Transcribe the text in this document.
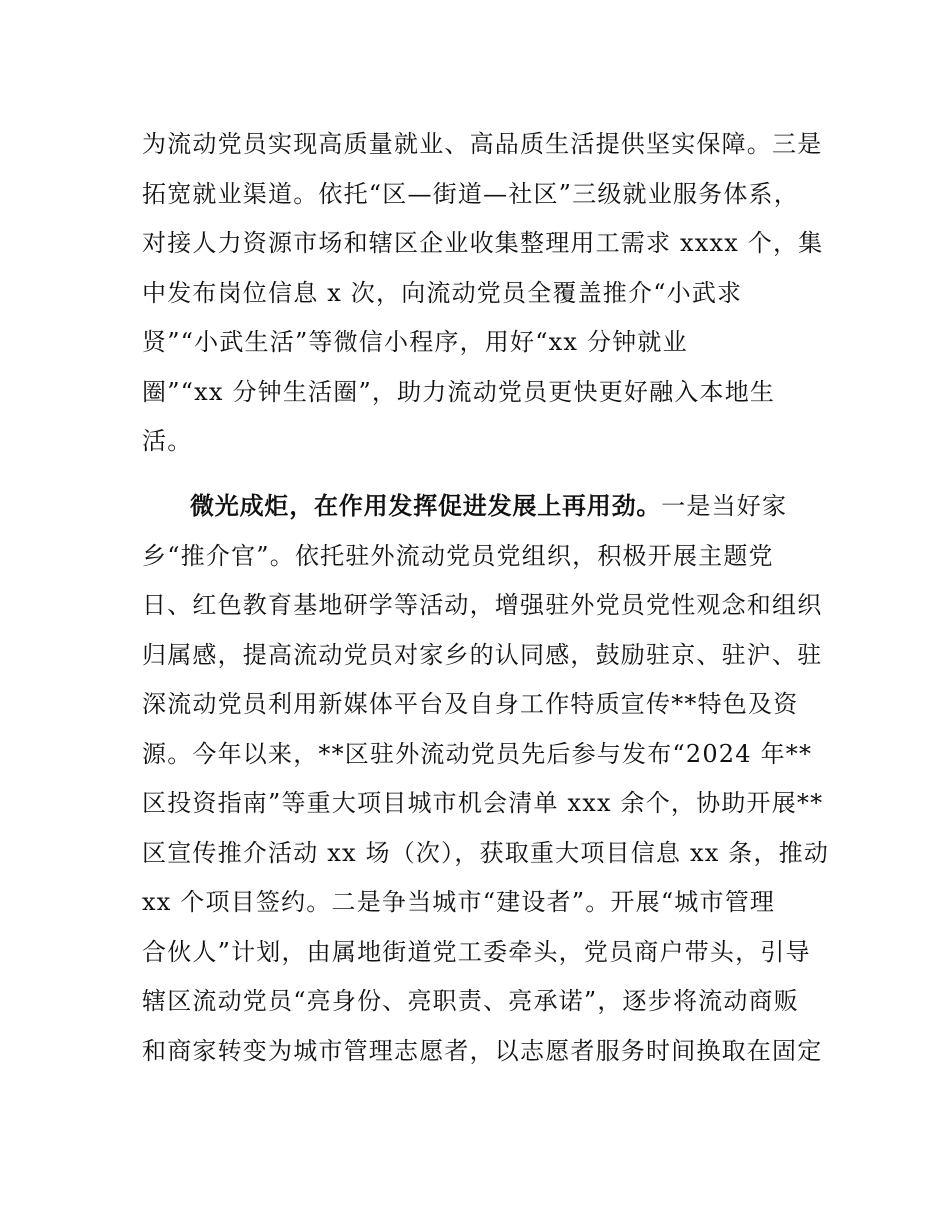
为流动党员实现高质量就业、高品质生活提供坚实保障。三是
拓宽就业渠道。依托“区—街道—社区”三级就业服务体系，
对接人力资源市场和辖区企业收集整理用工需求 xxxx 个，集
中发布岗位信息 x 次，向流动党员全覆盖推介“小武求
贤”“小武生活”等微信小程序，用好“xx 分钟就业
圈”“xx 分钟生活圈”，助力流动党员更快更好融入本地生
活。
微光成炬，在作用发挥促进发展上再用劲。一是当好家
乡“推介官”。依托驻外流动党员党组织，积极开展主题党
日、红色教育基地研学等活动，增强驻外党员党性观念和组织
归属感，提高流动党员对家乡的认同感，鼓励驻京、驻沪、驻
深流动党员利用新媒体平台及自身工作特质宣传**特色及资
源。今年以来，**区驻外流动党员先后参与发布“2024 年**
区投资指南”等重大项目城市机会清单 xxx 余个，协助开展**
区宣传推介活动 xx 场（次），获取重大项目信息 xx 条，推动
xx 个项目签约。二是争当城市“建设者”。开展“城市管理
合伙人”计划，由属地街道党工委牵头，党员商户带头，引导
辖区流动党员“亮身份、亮职责、亮承诺”，逐步将流动商贩
和商家转变为城市管理志愿者，以志愿者服务时间换取在固定
